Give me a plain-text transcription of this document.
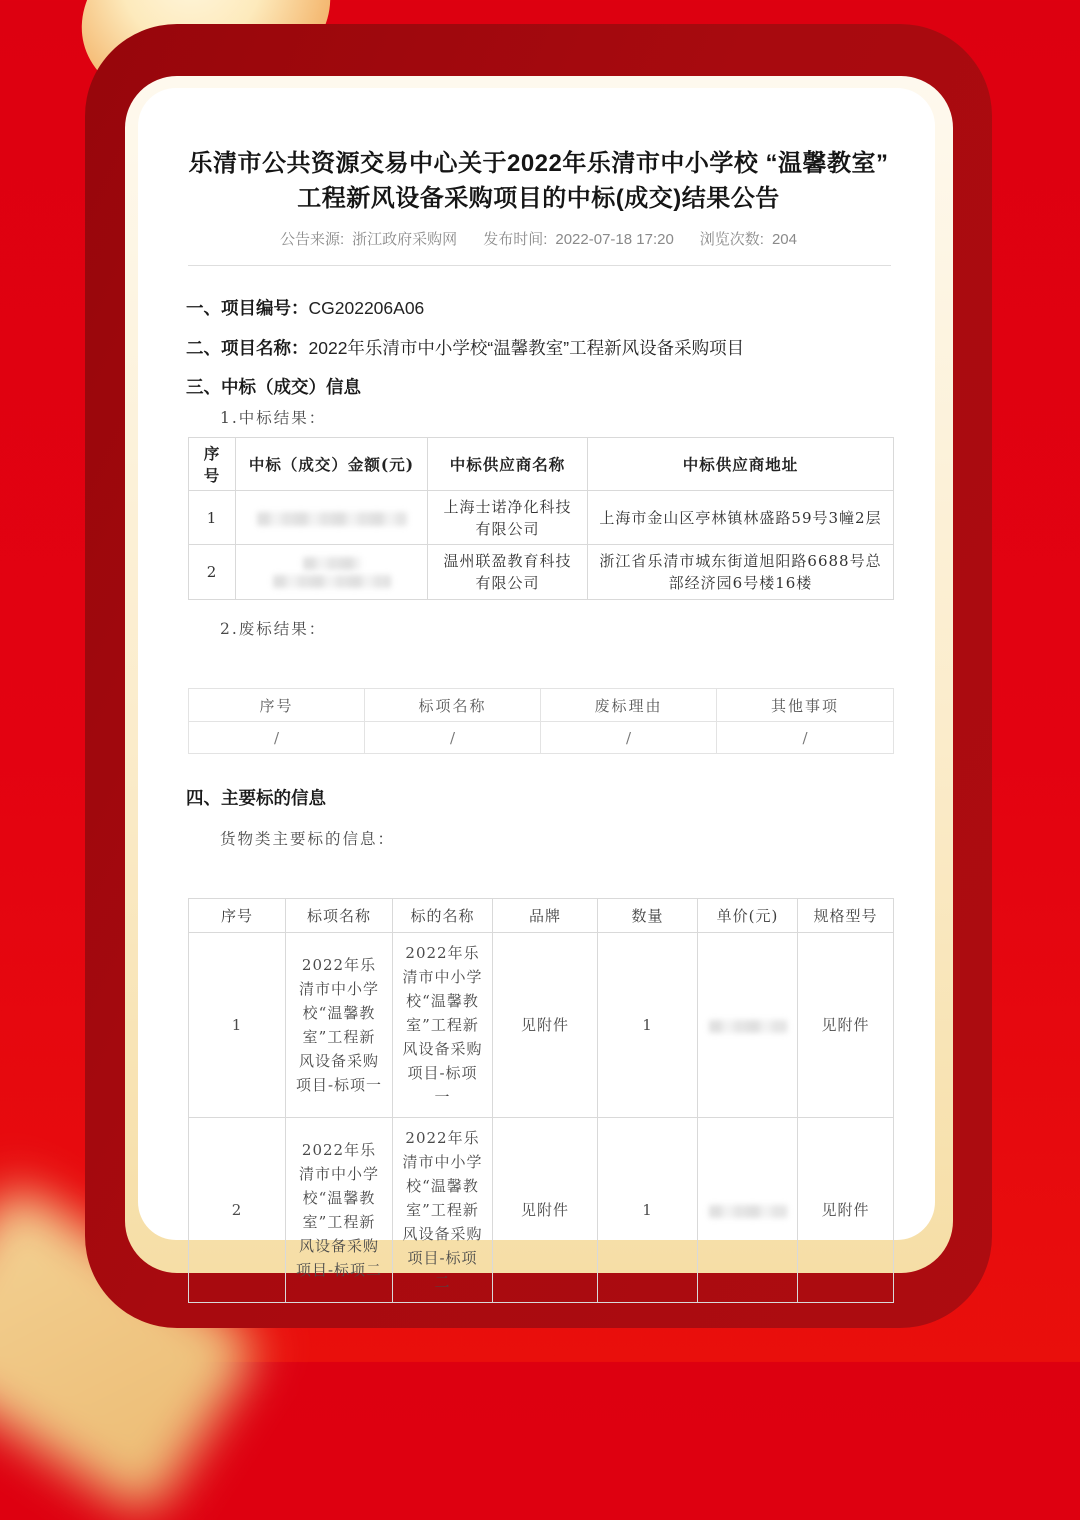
乐清市公共资源交易中心关于2022年乐清市中小学校 “温馨教室”
工程新风设备采购项目的中标(成交)结果公告
公告来源: 浙江政府采购网 发布时间: 2022-07-18 17:20 浏览次数: 204
一、项目编号：CG202206A06
二、项目名称：2022年乐清市中小学校“温馨教室”工程新风设备采购项目
三、中标（成交）信息
1.中标结果：
序号	中标（成交）金额(元)	中标供应商名称	中标供应商地址
1		上海士诺净化科技有限公司	上海市金山区亭林镇林盛路59号3幢2层
2		温州联盈教育科技有限公司	浙江省乐清市城东街道旭阳路6688号总部经济园6号楼16楼
2.废标结果：
序号	标项名称	废标理由	其他事项
/	/	/	/
四、主要标的信息
货物类主要标的信息：
序号	标项名称	标的名称	品牌	数量	单价(元)	规格型号
1	2022年乐清市中小学校“温馨教室”工程新风设备采购项目-标项一	2022年乐清市中小学校“温馨教室”工程新风设备采购项目-标项一	见附件	1		见附件
2	2022年乐清市中小学校“温馨教室”工程新风设备采购项目-标项二	2022年乐清市中小学校“温馨教室”工程新风设备采购项目-标项二	见附件	1		见附件
